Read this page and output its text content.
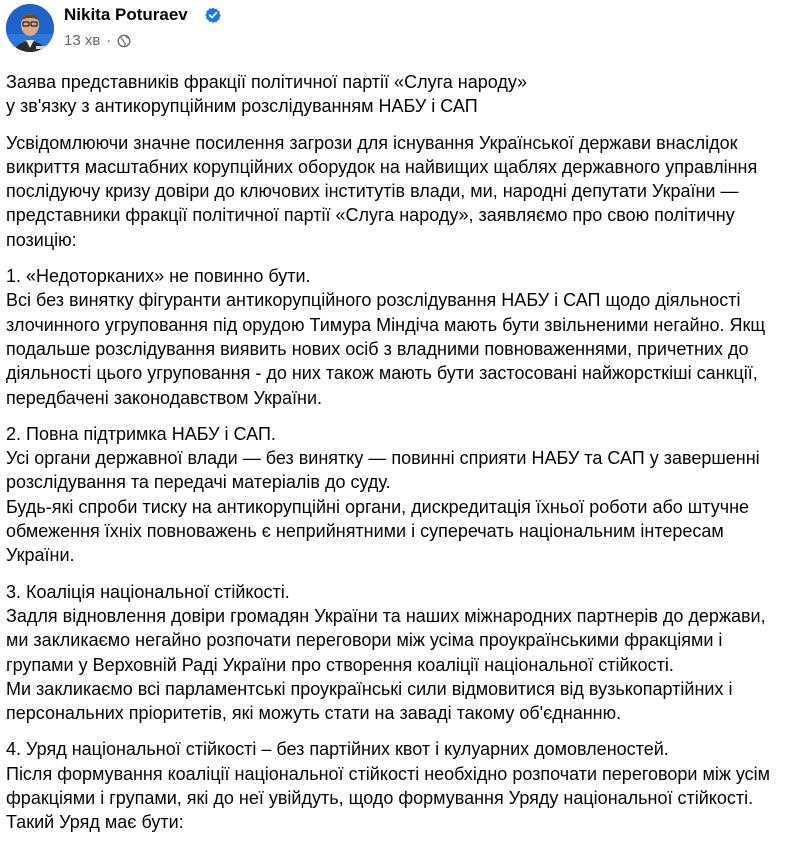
Nikita Poturaev
13 хв ·
Заява представників фракції політичної партії «Слуга народу»
у зв'язку з антикорупційним розслідуванням НАБУ і САП
Усвідомлюючи значне посилення загрози для існування Української держави внаслідок
викриття масштабних корупційних оборудок на найвищих щаблях державного управління
послідуючу кризу довіри до ключових інститутів влади, ми, народні депутати України —
представники фракції політичної партії «Слуга народу», заявляємо про свою політичну
позицію:
1. «Недоторканих» не повинно бути.
Всі без винятку фігуранти антикорупційного розслідування НАБУ і САП щодо діяльності
злочинного угруповання під орудою Тимура Міндіча мають бути звільненими негайно. Якщ
подальше розслідування виявить нових осіб з владними повноваженнями, причетних до
діяльності цього угруповання - до них також мають бути застосовані найжорсткіші санкції,
передбачені законодавством України.
2. Повна підтримка НАБУ і САП.
Усі органи державної влади — без винятку — повинні сприяти НАБУ та САП у завершенні
розслідування та передачі матеріалів до суду.
Будь-які спроби тиску на антикорупційні органи, дискредитація їхньої роботи або штучне
обмеження їхніх повноважень є неприйнятними і суперечать національним інтересам
України.
3. Коаліція національної стійкості.
Задля відновлення довіри громадян України та наших міжнародних партнерів до держави,
ми закликаємо негайно розпочати переговори між усіма проукраїнськими фракціями і
групами у Верховній Раді України про створення коаліції національної стійкості.
Ми закликаємо всі парламентські проукраїнські сили відмовитися від вузькопартійних і
персональних пріоритетів, які можуть стати на заваді такому об'єднанню.
4. Уряд національної стійкості – без партійних квот і кулуарних домовленостей.
Після формування коаліції національної стійкості необхідно розпочати переговори між усім
фракціями і групами, які до неї увійдуть, щодо формування Уряду національної стійкості.
Такий Уряд має бути:
